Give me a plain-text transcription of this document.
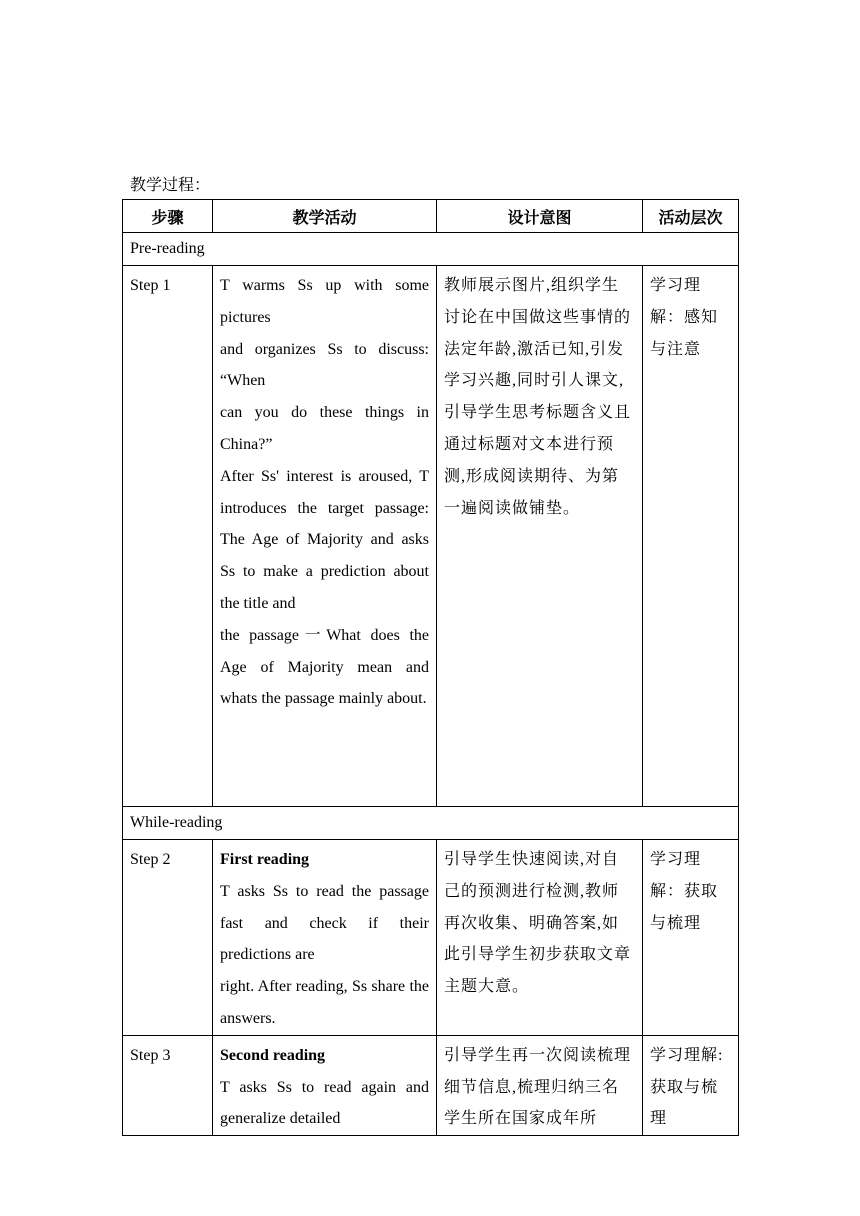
教学过程：
步骤	教学活动	设计意图	活动层次
Pre-reading			

Step 1	T warms Ss up with some pictures
and organizes Ss to discuss: “When
can you do these things in China?”
After Ss' interest is aroused, T introduces the target passage: The Age of Majority and asks Ss to make a prediction about the title and
the passage一What does the Age of Majority mean and whats the passage mainly about.	教师展示图片,组织学生讨论在中国做这些事情的法定年龄,激活已知,引发学习兴趣,同时引人课文,引导学生思考标题含义且通过标题对文本进行预测,形成阅读期待、为第一遍阅读做铺垫。	学习理解：感知与注意

While-reading			

Step 2	First reading
T asks Ss to read the passage fast and check if their predictions are
right. After reading, Ss share the answers.	引导学生快速阅读,对自己的预测进行检测,教师再次收集、明确答案,如此引导学生初步获取文章主题大意。	学习理解：获取与梳理

Step 3	Second reading
T asks Ss to read again and generalize detailed	引导学生再一次阅读梳理细节信息,梳理归纳三名学生所在国家成年所	学习理解:获取与梳理
